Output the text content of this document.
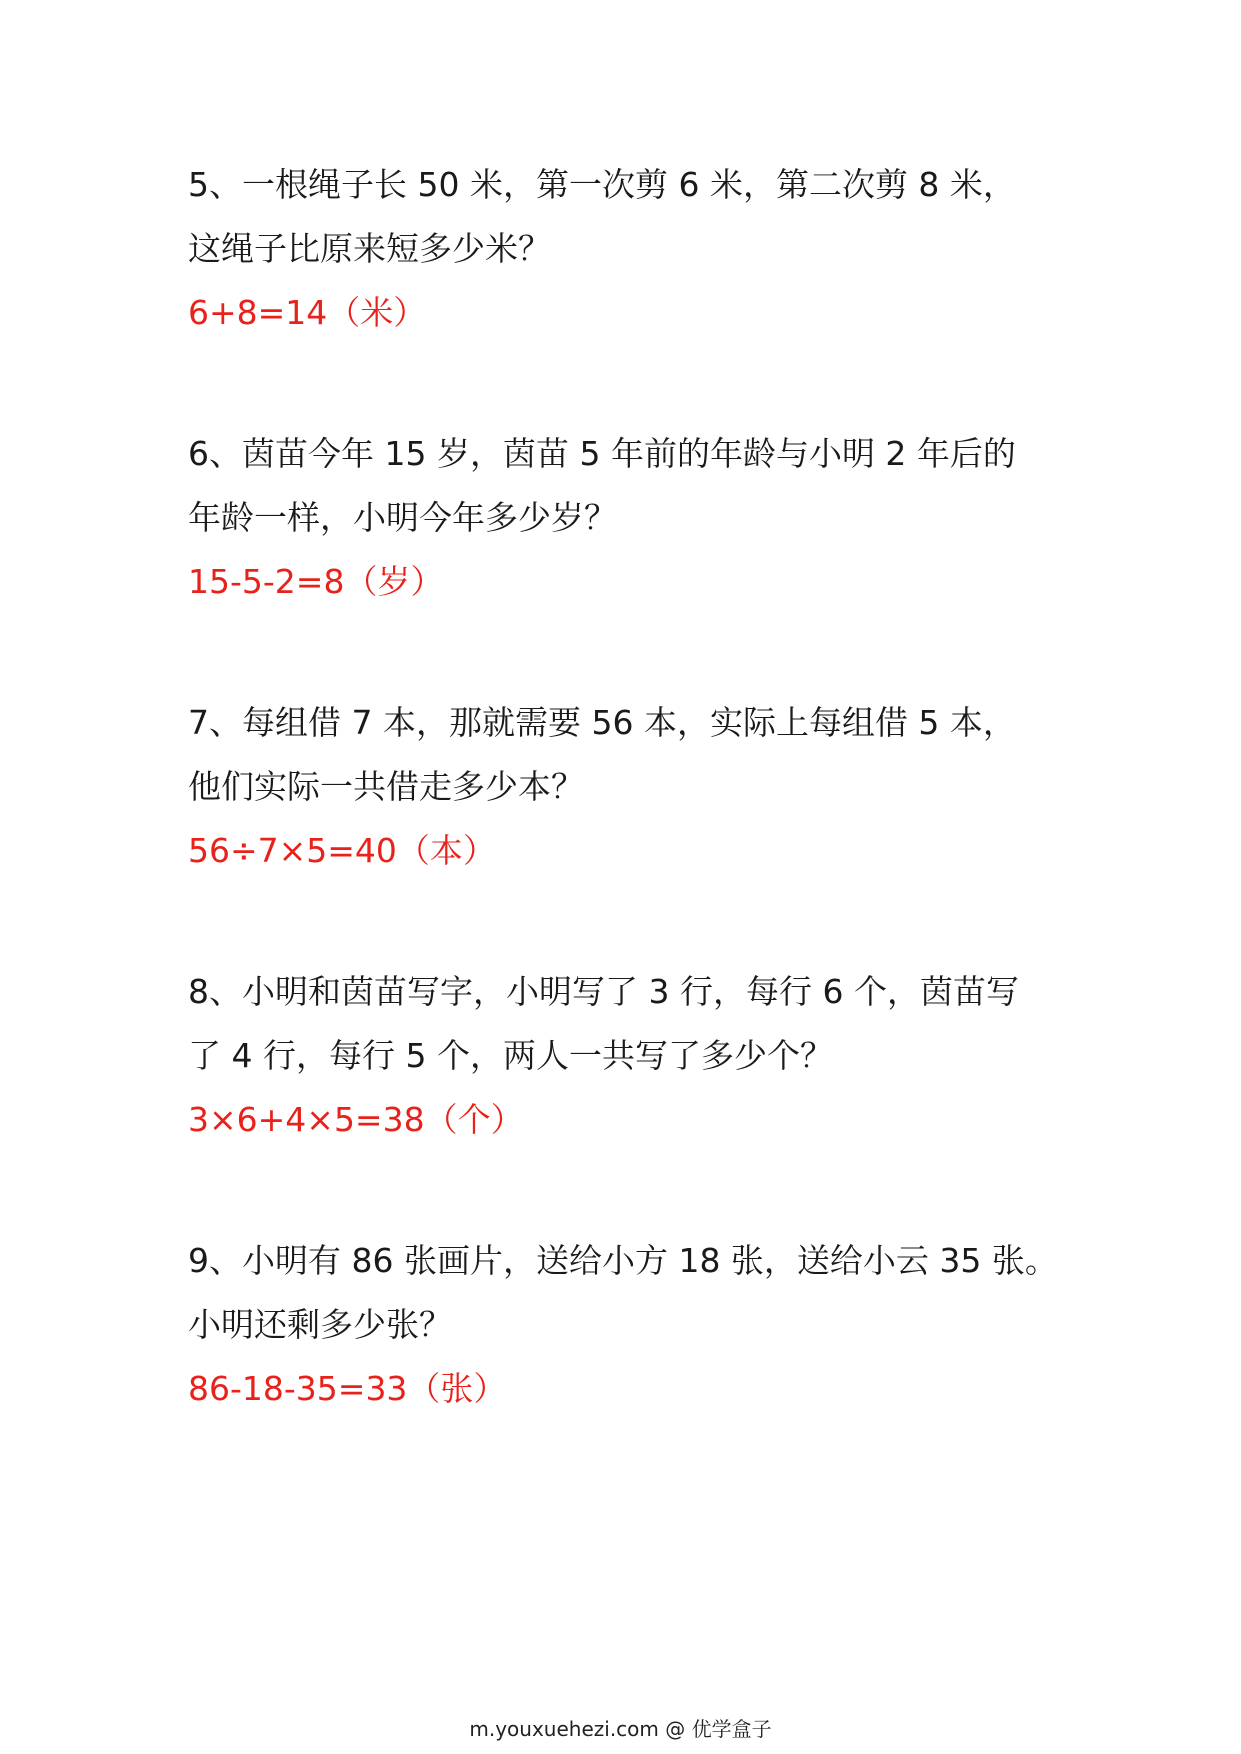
5、一根绳子长 50 米，第一次剪 6 米，第二次剪 8 米，
这绳子比原来短多少米？
6+8=14（米）
6、茵苗今年 15 岁，茵苗 5 年前的年龄与小明 2 年后的
年龄一样，小明今年多少岁？
15-5-2=8（岁）
7、每组借 7 本，那就需要 56 本，实际上每组借 5 本，
他们实际一共借走多少本？
56÷7×5=40（本）
8、小明和茵苗写字，小明写了 3 行，每行 6 个，茵苗写
了 4 行，每行 5 个，两人一共写了多少个？
3×6+4×5=38（个）
9、小明有 86 张画片，送给小方 18 张，送给小云 35 张。
小明还剩多少张？
86-18-35=33（张）
m.youxuehezi.com @ 优学盒子
